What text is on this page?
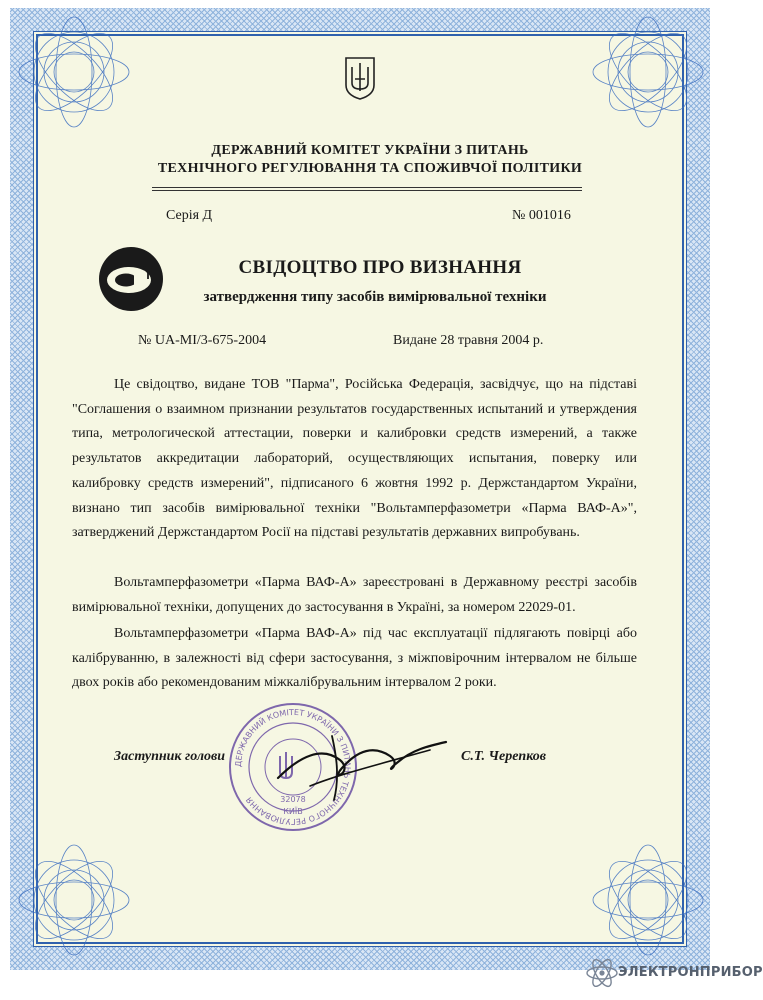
ДЕРЖАВНИЙ КОМІТЕТ УКРАЇНИ З ПИТАНЬ
ТЕХНІЧНОГО РЕГУЛЮВАННЯ ТА СПОЖИВЧОЇ ПОЛІТИКИ
Серія Д	№ 001016
СВІДОЦТВО ПРО ВИЗНАННЯ
затвердження типу засобів вимірювальної техніки
№ UA-MI/3-675-2004	Видане 28 травня 2004 р.

Це свідоцтво, видане ТОВ "Парма", Російська Федерація, засвідчує, що на підставі "Соглашения о взаимном признании результатов государственных испытаний и утверждения типа, метрологической аттестации, поверки и калибровки средств измерений, а также результатов аккредитации лабораторий, осуществляющих испытания, поверку или калибровку средств измерений", підписаного 6 жовтня 1992 р. Держстандартом України, визнано тип засобів вимірювальної техніки "Вольтамперфазометри «Парма ВАФ-А»", затверджений Держстандартом Росії на підставі результатів державних випробувань.

Вольтамперфазометри «Парма ВАФ-А» зареєстровані в Державному реєстрі засобів вимірювальної техніки, допущених до застосування в Україні, за номером 22029-01.

Вольтамперфазометри «Парма ВАФ-А» під час експлуатації підлягають повірці або калібруванню, в залежності від сфери застосування, з міжповірочним інтервалом не більше двох років або рекомендованим міжкалібрувальним інтервалом 2 роки.

ДЕРЖАВНИЙ КОМІТЕТ УКРАЇНИ З ПИТАНЬ ТЕХНІЧНОГО РЕГУЛЮВАННЯ	32078
КИЇВ
Заступник голови	С.Т. Черепков
ЭЛЕКТРОНПРИБОР
